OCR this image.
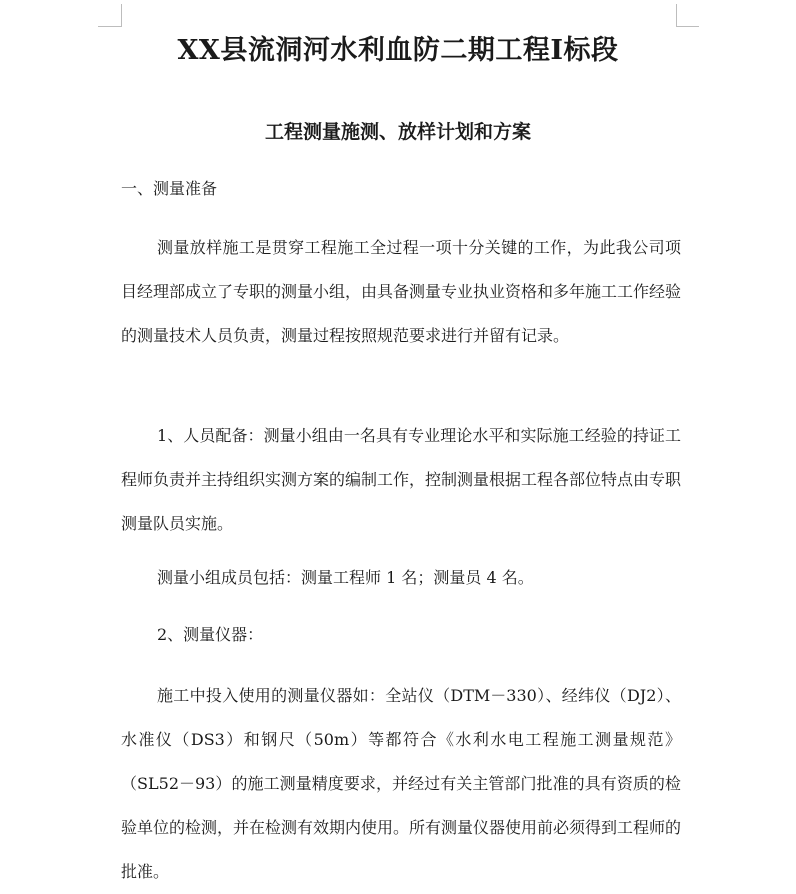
XX县流洞河水利血防二期工程Ⅰ标段
工程测量施测、放样计划和方案

一、测量准备

测量放样施工是贯穿工程施工全过程一项十分关键的工作，为此我公司项目经理部成立了专职的测量小组，由具备测量专业执业资格和多年施工工作经验的测量技术人员负责，测量过程按照规范要求进行并留有记录。

1、人员配备：测量小组由一名具有专业理论水平和实际施工经验的持证工程师负责并主持组织实测方案的编制工作，控制测量根据工程各部位特点由专职测量队员实施。

测量小组成员包括：测量工程师 1 名；测量员 4 名。

2、测量仪器：

施工中投入使用的测量仪器如：全站仪（DTM－330）、经纬仪（DJ2）、水准仪（DS3）和钢尺（50m）等都符合《水利水电工程施工测量规范》（SL52－93）的施工测量精度要求，并经过有关主管部门批准的具有资质的检验单位的检测，并在检测有效期内使用。所有测量仪器使用前必须得到工程师的批准。
